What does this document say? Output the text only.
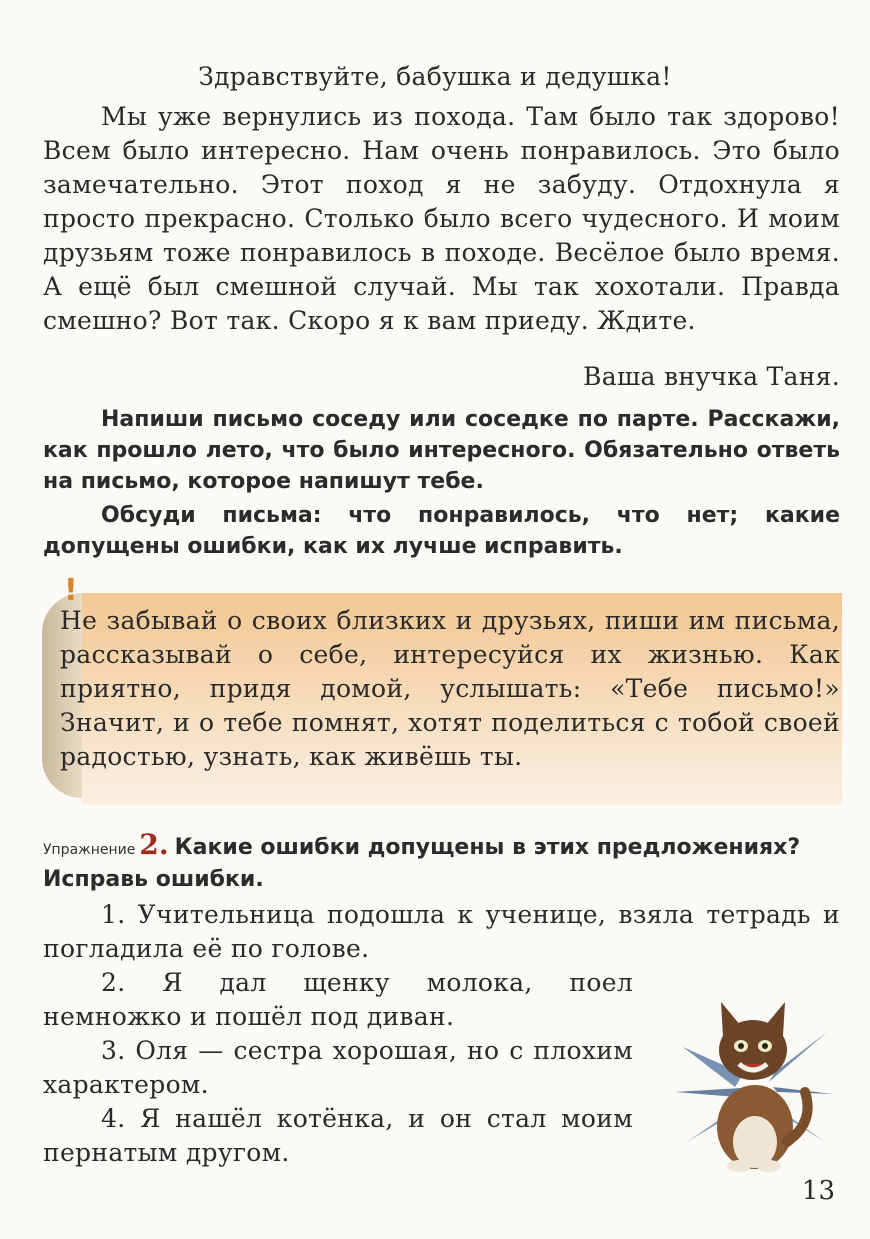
Здравствуйте, бабушка и дедушка!

Мы уже вернулись из похода. Там было так здорово! Всем было интересно. Нам очень понравилось. Это было замечательно. Этот поход я не забуду. Отдохнула я просто прекрасно. Столько было всего чудесного. И моим друзьям тоже понравилось в походе. Весёлое было время. А ещё был смешной случай. Мы так хохотали. Правда смешно? Вот так. Скоро я к вам приеду. Ждите.

Ваша внучка Таня.

Напиши письмо соседу или соседке по парте. Расскажи, как прошло лето, что было интересного. Обязательно ответь на письмо, которое напишут тебе.

Обсуди письма: что понравилось, что нет; какие допущены ошибки, как их лучше исправить.

!

Не забывай о своих близких и друзьях, пиши им письма, рассказывай о себе, интересуйся их жизнью. Как приятно, придя домой, услышать: «Тебе письмо!» Значит, и о тебе помнят, хотят поделиться с тобой своей радостью, узнать, как живёшь ты.

Упражнение 2. Какие ошибки допущены в этих предложениях? Исправь ошибки.

1. Учительница подошла к ученице, взяла тетрадь и погладила её по голове.

2. Я дал щенку молока, поел немножко и пошёл под диван.

3. Оля — сестра хорошая, но с плохим характером.

4. Я нашёл котёнка, и он стал моим пернатым другом.

13
